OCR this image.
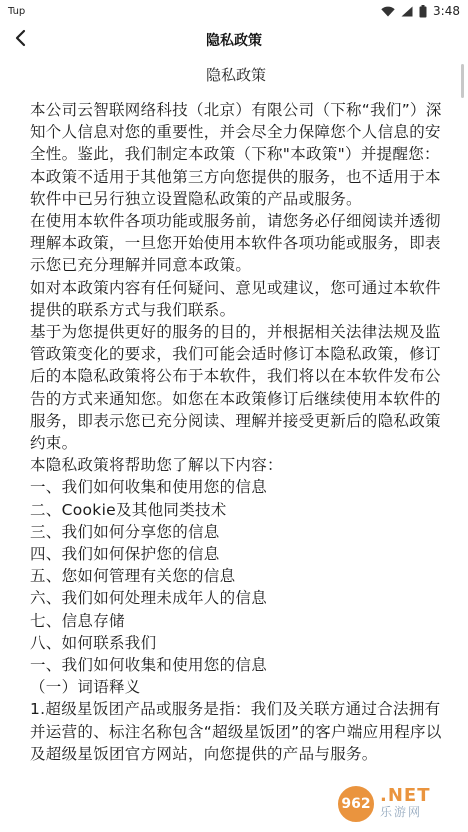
Tup	3:48
隐私政策
隐私政策

本公司云智联网络科技（北京）有限公司（下称“我们”）深知个人信息对您的重要性，并会尽全力保障您个人信息的安全性。鉴此，我们制定本政策（下称"本政策"）并提醒您：

本政策不适用于其他第三方向您提供的服务，也不适用于本软件中已另行独立设置隐私政策的产品或服务。

在使用本软件各项功能或服务前，请您务必仔细阅读并透彻理解本政策，一旦您开始使用本软件各项功能或服务，即表示您已充分理解并同意本政策。

如对本政策内容有任何疑问、意见或建议，您可通过本软件提供的联系方式与我们联系。

基于为您提供更好的服务的目的，并根据相关法律法规及监管政策变化的要求，我们可能会适时修订本隐私政策，修订后的本隐私政策将公布于本软件，我们将以在本软件发布公告的方式来通知您。如您在本政策修订后继续使用本软件的服务，即表示您已充分阅读、理解并接受更新后的隐私政策约束。

本隐私政策将帮助您了解以下内容：

一、我们如何收集和使用您的信息

二、Cookie及其他同类技术

三、我们如何分享您的信息

四、我们如何保护您的信息

五、您如何管理有关您的信息

六、我们如何处理未成年人的信息

七、信息存储

八、如何联系我们

一、我们如何收集和使用您的信息

（一）词语释义

1.超级星饭团产品或服务是指：我们及关联方通过合法拥有并运营的、标注名称包含“超级星饭团”的客户端应用程序以及超级星饭团官方网站，向您提供的产品与服务。

962 .NET
乐游网
